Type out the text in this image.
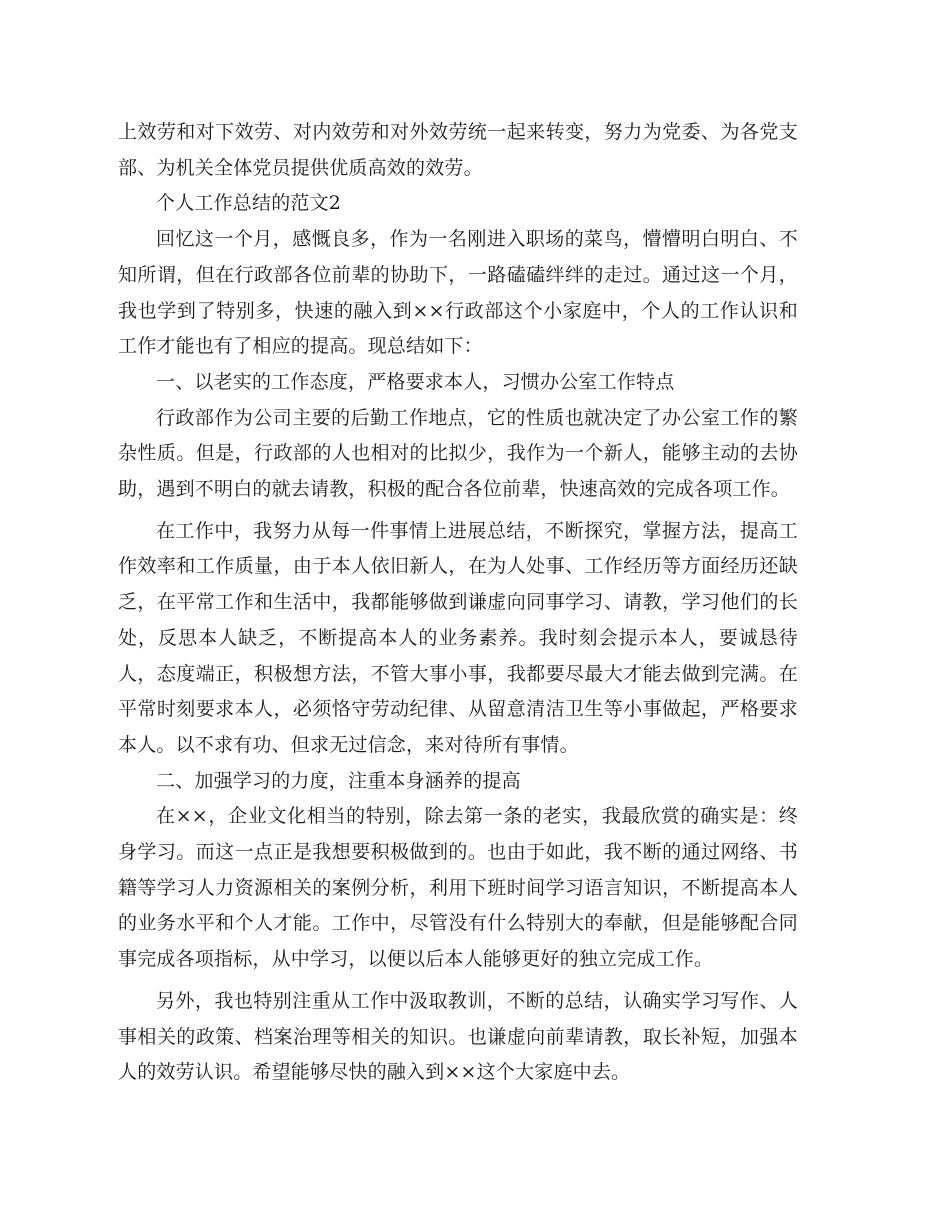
上效劳和对下效劳、对内效劳和对外效劳统一起来转变，努力为党委、为各党支部、为机关全体党员提供优质高效的效劳。

个人工作总结的范文2

回忆这一个月，感慨良多，作为一名刚进入职场的菜鸟，懵懵明白明白、不知所谓，但在行政部各位前辈的协助下，一路磕磕绊绊的走过。通过这一个月，我也学到了特别多，快速的融入到××行政部这个小家庭中，个人的工作认识和工作才能也有了相应的提高。现总结如下：

一、以老实的工作态度，严格要求本人，习惯办公室工作特点

行政部作为公司主要的后勤工作地点，它的性质也就决定了办公室工作的繁杂性质。但是，行政部的人也相对的比拟少，我作为一个新人，能够主动的去协助，遇到不明白的就去请教，积极的配合各位前辈，快速高效的完成各项工作。

在工作中，我努力从每一件事情上进展总结，不断探究，掌握方法，提高工作效率和工作质量，由于本人依旧新人，在为人处事、工作经历等方面经历还缺乏，在平常工作和生活中，我都能够做到谦虚向同事学习、请教，学习他们的长处，反思本人缺乏，不断提高本人的业务素养。我时刻会提示本人，要诚恳待人，态度端正，积极想方法，不管大事小事，我都要尽最大才能去做到完满。在平常时刻要求本人，必须恪守劳动纪律、从留意清洁卫生等小事做起，严格要求本人。以不求有功、但求无过信念，来对待所有事情。

二、加强学习的力度，注重本身涵养的提高

在××，企业文化相当的特别，除去第一条的老实，我最欣赏的确实是：终身学习。而这一点正是我想要积极做到的。也由于如此，我不断的通过网络、书籍等学习人力资源相关的案例分析，利用下班时间学习语言知识，不断提高本人的业务水平和个人才能。工作中，尽管没有什么特别大的奉献，但是能够配合同事完成各项指标，从中学习，以便以后本人能够更好的独立完成工作。

另外，我也特别注重从工作中汲取教训，不断的总结，认确实学习写作、人事相关的政策、档案治理等相关的知识。也谦虚向前辈请教，取长补短，加强本人的效劳认识。希望能够尽快的融入到××这个大家庭中去。
